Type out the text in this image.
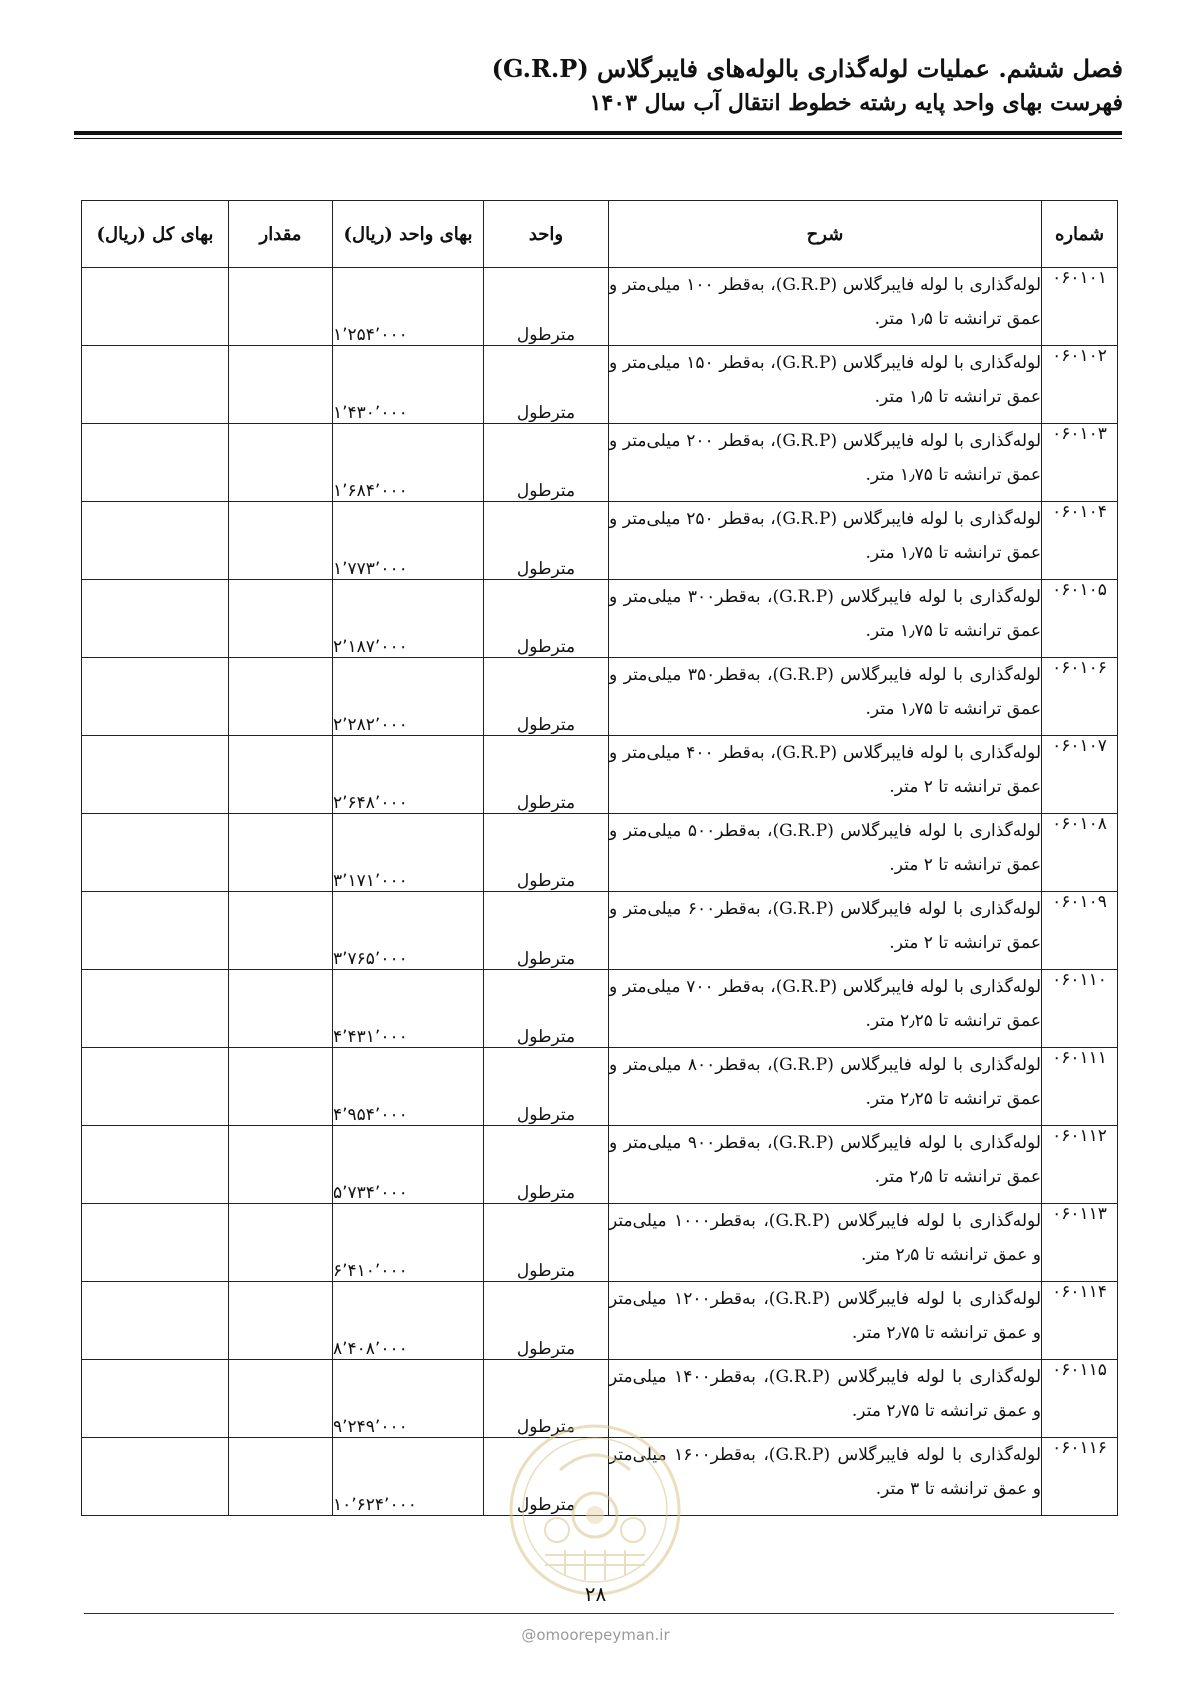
فصل ششم. عملیات لوله‌گذاری بالوله‌های فایبرگلاس (G.R.P)
فهرست بهای واحد پایه رشته خطوط انتقال آب سال ۱۴۰۳
شماره	شرح	واحد	بهای واحد (ریال)	مقدار	بهای کل (ریال)
۰۶۰۱۰۱	لوله‌گذاری با لوله فایبرگلاس (G.R.P)، به‌قطر ۱۰۰ میلی‌متر و عمق ترانشه تا ۱٫۵ متر.	مترطول	۱٬۲۵۴٬۰۰۰		
۰۶۰۱۰۲	لوله‌گذاری با لوله فایبرگلاس (G.R.P)، به‌قطر ۱۵۰ میلی‌متر و عمق ترانشه تا ۱٫۵ متر.	مترطول	۱٬۴۳۰٬۰۰۰		
۰۶۰۱۰۳	لوله‌گذاری با لوله فایبرگلاس (G.R.P)، به‌قطر ۲۰۰ میلی‌متر و عمق ترانشه تا ۱٫۷۵ متر.	مترطول	۱٬۶۸۴٬۰۰۰		
۰۶۰۱۰۴	لوله‌گذاری با لوله فایبرگلاس (G.R.P)، به‌قطر ۲۵۰ میلی‌متر و عمق ترانشه تا ۱٫۷۵ متر.	مترطول	۱٬۷۷۳٬۰۰۰		
۰۶۰۱۰۵	لوله‌گذاری با لوله فایبرگلاس (G.R.P)، به‌قطر۳۰۰ میلی‌متر و عمق ترانشه تا ۱٫۷۵ متر.	مترطول	۲٬۱۸۷٬۰۰۰		
۰۶۰۱۰۶	لوله‌گذاری با لوله فایبرگلاس (G.R.P)، به‌قطر۳۵۰ میلی‌متر و عمق ترانشه تا ۱٫۷۵ متر.	مترطول	۲٬۲۸۲٬۰۰۰		
۰۶۰۱۰۷	لوله‌گذاری با لوله فایبرگلاس (G.R.P)، به‌قطر ۴۰۰ میلی‌متر و عمق ترانشه تا ۲ متر.	مترطول	۲٬۶۴۸٬۰۰۰		
۰۶۰۱۰۸	لوله‌گذاری با لوله فایبرگلاس (G.R.P)، به‌قطر۵۰۰ میلی‌متر و عمق ترانشه تا ۲ متر.	مترطول	۳٬۱۷۱٬۰۰۰		
۰۶۰۱۰۹	لوله‌گذاری با لوله فایبرگلاس (G.R.P)، به‌قطر۶۰۰ میلی‌متر و عمق ترانشه تا ۲ متر.	مترطول	۳٬۷۶۵٬۰۰۰		
۰۶۰۱۱۰	لوله‌گذاری با لوله فایبرگلاس (G.R.P)، به‌قطر ۷۰۰ میلی‌متر و عمق ترانشه تا ۲٫۲۵ متر.	مترطول	۴٬۴۳۱٬۰۰۰		
۰۶۰۱۱۱	لوله‌گذاری با لوله فایبرگلاس (G.R.P)، به‌قطر۸۰۰ میلی‌متر و عمق ترانشه تا ۲٫۲۵ متر.	مترطول	۴٬۹۵۴٬۰۰۰		
۰۶۰۱۱۲	لوله‌گذاری با لوله فایبرگلاس (G.R.P)، به‌قطر۹۰۰ میلی‌متر و عمق ترانشه تا ۲٫۵ متر.	مترطول	۵٬۷۳۴٬۰۰۰		
۰۶۰۱۱۳	لوله‌گذاری با لوله فایبرگلاس (G.R.P)، به‌قطر۱۰۰۰ میلی‌متر و عمق ترانشه تا ۲٫۵ متر.	مترطول	۶٬۴۱۰٬۰۰۰		
۰۶۰۱۱۴	لوله‌گذاری با لوله فایبرگلاس (G.R.P)، به‌قطر۱۲۰۰ میلی‌متر و عمق ترانشه تا ۲٫۷۵ متر.	مترطول	۸٬۴۰۸٬۰۰۰		
۰۶۰۱۱۵	لوله‌گذاری با لوله فایبرگلاس (G.R.P)، به‌قطر۱۴۰۰ میلی‌متر و عمق ترانشه تا ۲٫۷۵ متر.	مترطول	۹٬۲۴۹٬۰۰۰		
۰۶۰۱۱۶	لوله‌گذاری با لوله فایبرگلاس (G.R.P)، به‌قطر۱۶۰۰ میلی‌متر و عمق ترانشه تا ۳ متر.	مترطول	۱۰٬۶۲۴٬۰۰۰		
۲۸
@omoorepeyman.ir
